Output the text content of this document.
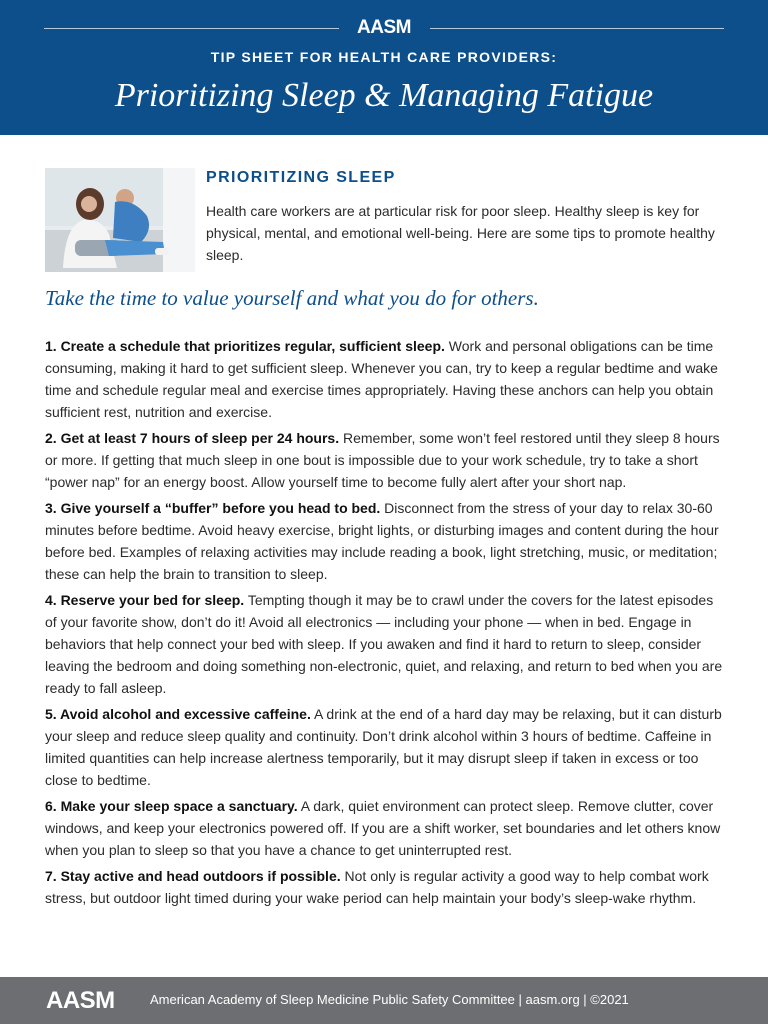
AASM
TIP SHEET FOR HEALTH CARE PROVIDERS:
Prioritizing Sleep & Managing Fatigue
PRIORITIZING SLEEP
Health care workers are at particular risk for poor sleep. Healthy sleep is key for physical, mental, and emotional well-being. Here are some tips to promote healthy sleep.
Take the time to value yourself and what you do for others.

1. Create a schedule that prioritizes regular, sufficient sleep. Work and personal obligations can be time consuming, making it hard to get sufficient sleep. Whenever you can, try to keep a regular bedtime and wake time and schedule regular meal and exercise times appropriately. Having these anchors can help you obtain sufficient rest, nutrition and exercise.

2. Get at least 7 hours of sleep per 24 hours. Remember, some won’t feel restored until they sleep 8 hours or more. If getting that much sleep in one bout is impossible due to your work schedule, try to take a short “power nap” for an energy boost. Allow yourself time to become fully alert after your short nap.

3. Give yourself a “buffer” before you head to bed. Disconnect from the stress of your day to relax 30-60 minutes before bedtime. Avoid heavy exercise, bright lights, or disturbing images and content during the hour before bed. Examples of relaxing activities may include reading a book, light stretching, music, or meditation; these can help the brain to transition to sleep.

4. Reserve your bed for sleep. Tempting though it may be to crawl under the covers for the latest episodes of your favorite show, don’t do it! Avoid all electronics — including your phone — when in bed. Engage in behaviors that help connect your bed with sleep. If you awaken and find it hard to return to sleep, consider leaving the bedroom and doing something non-electronic, quiet, and relaxing, and return to bed when you are ready to fall asleep.

5. Avoid alcohol and excessive caffeine. A drink at the end of a hard day may be relaxing, but it can disturb your sleep and reduce sleep quality and continuity. Don’t drink alcohol within 3 hours of bedtime. Caffeine in limited quantities can help increase alertness temporarily, but it may disrupt sleep if taken in excess or too close to bedtime.

6. Make your sleep space a sanctuary. A dark, quiet environment can protect sleep. Remove clutter, cover windows, and keep your electronics powered off. If you are a shift worker, set boundaries and let others know when you plan to sleep so that you have a chance to get uninterrupted rest.

7. Stay active and head outdoors if possible. Not only is regular activity a good way to help combat work stress, but outdoor light timed during your wake period can help maintain your body’s sleep-wake rhythm.

AASM	American Academy of Sleep Medicine Public Safety Committee | aasm.org | ©2021
